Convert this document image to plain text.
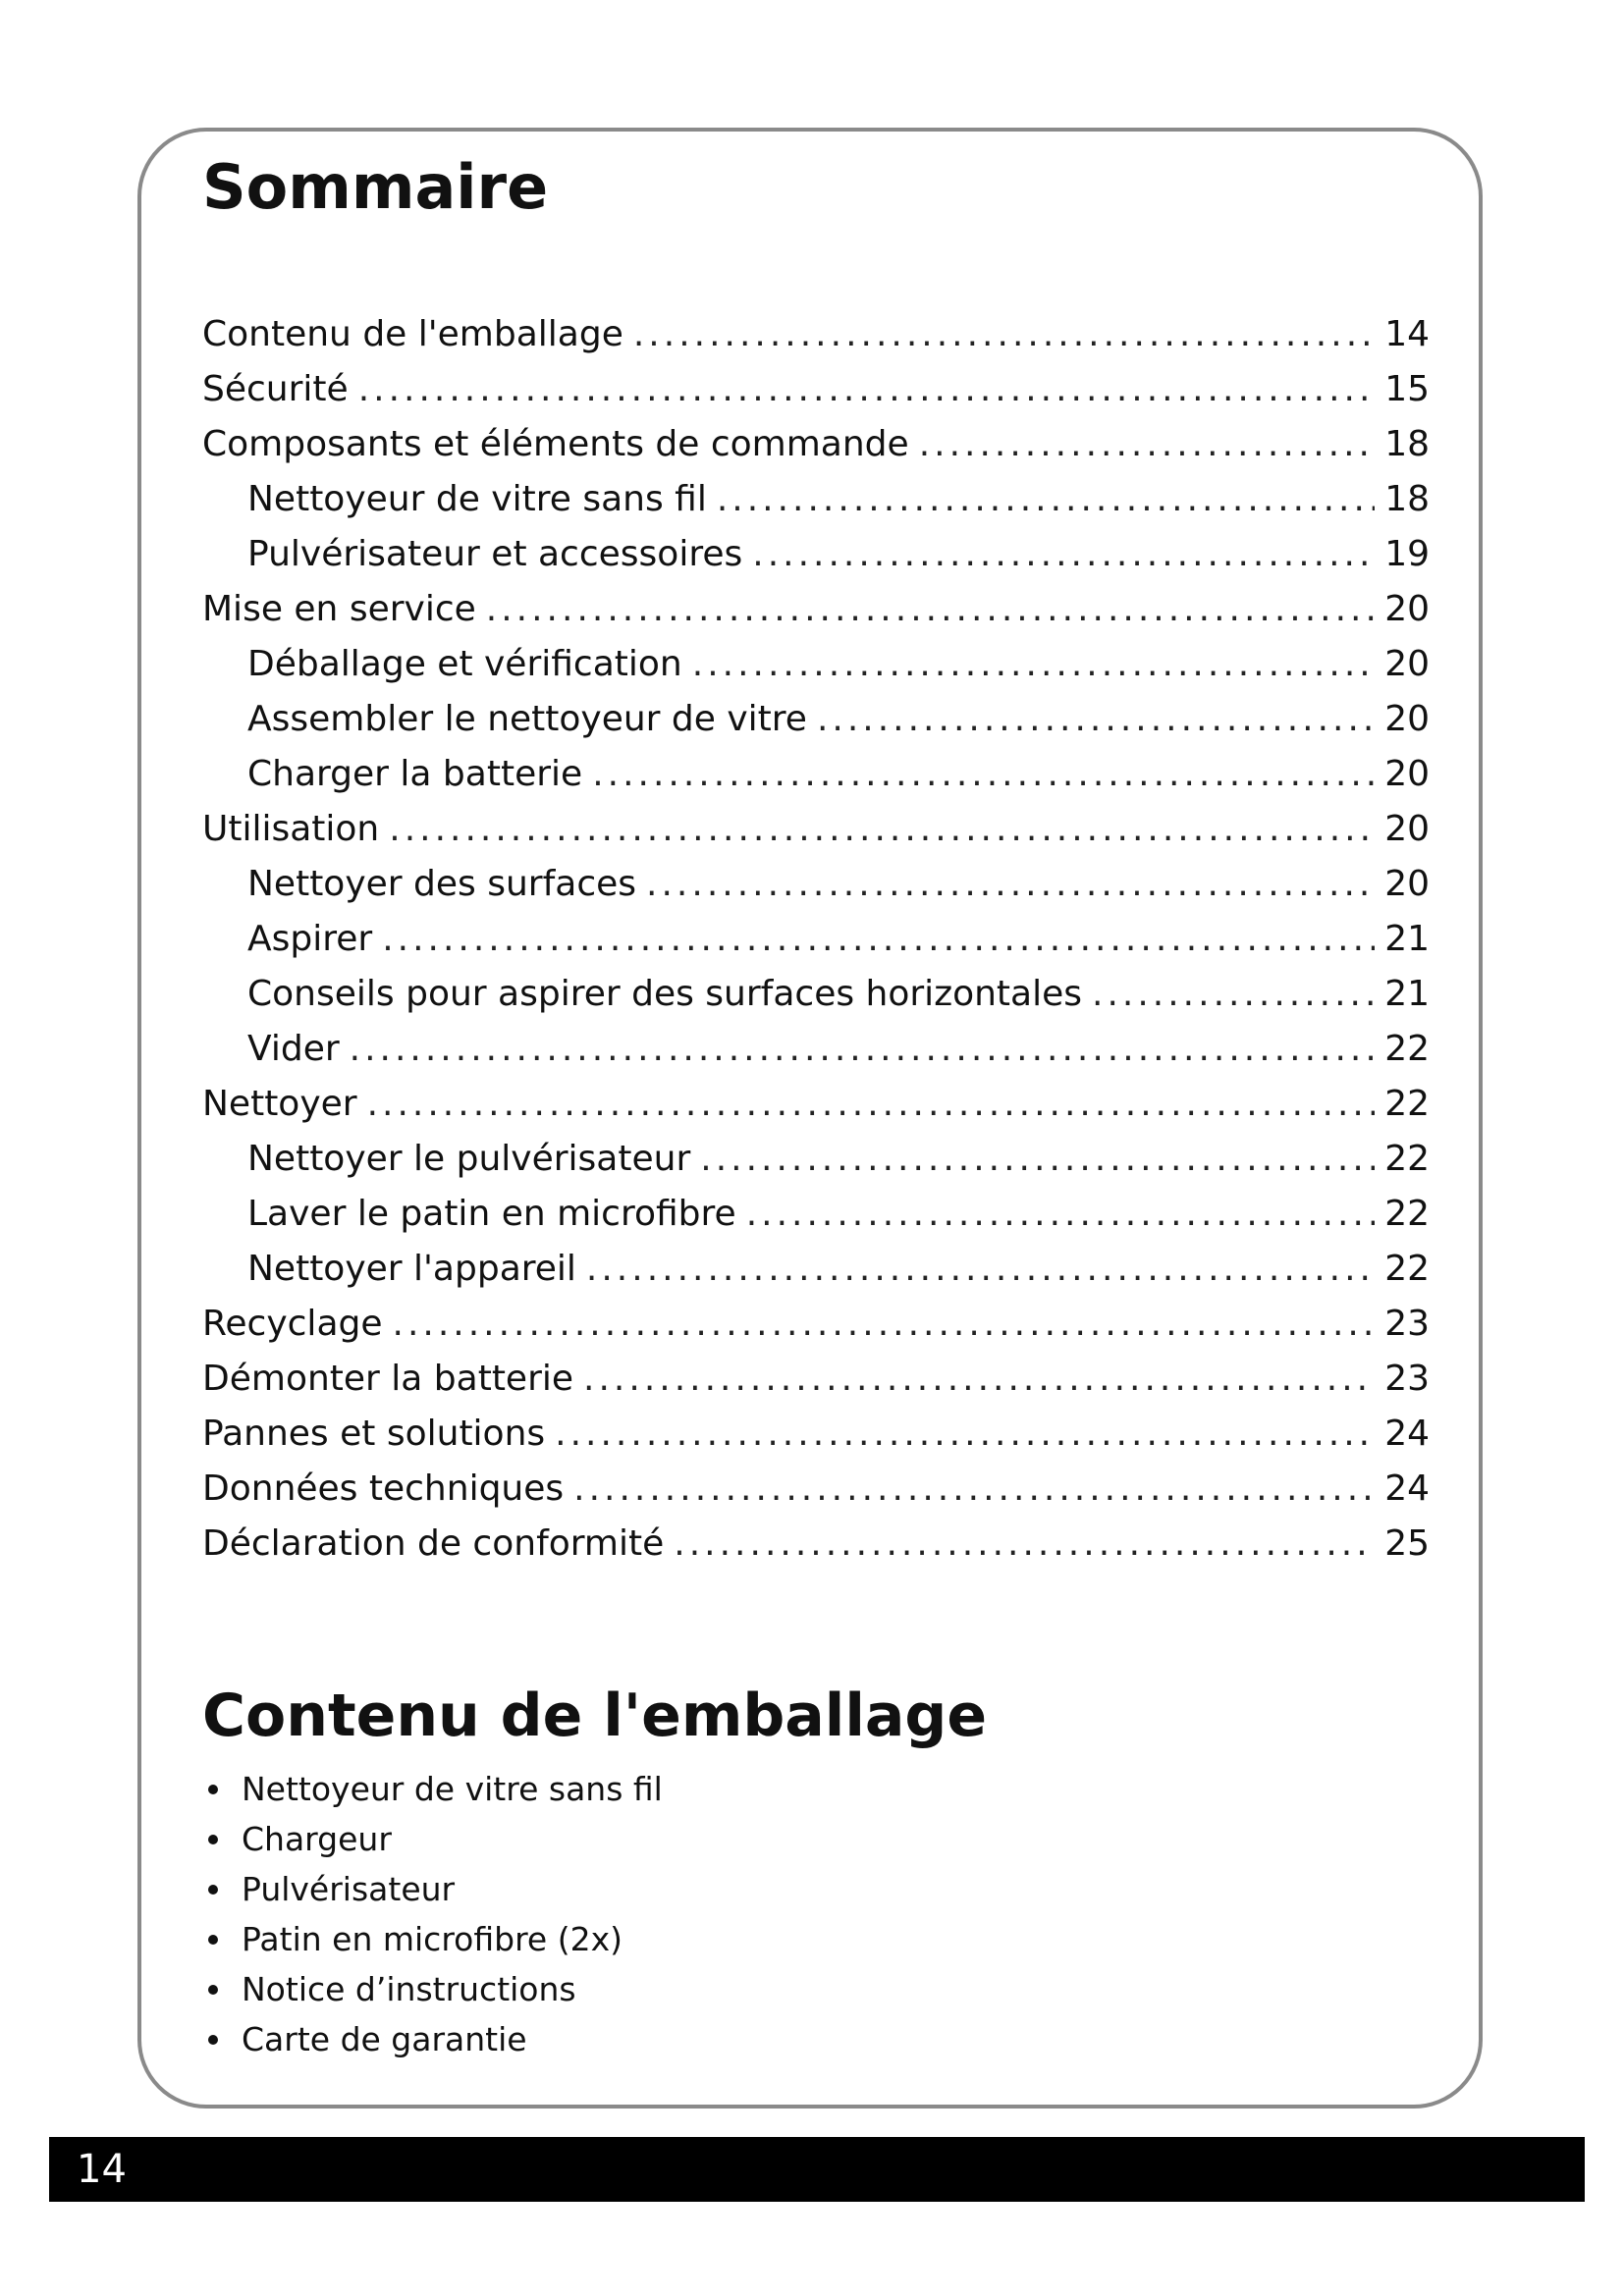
Sommaire
Contenu de l'emballage .....	14
Sécurité .....	15
Composants et éléments de commande .....	18
Nettoyeur de vitre sans fil .....	18
Pulvérisateur et accessoires .....	19
Mise en service .....	20
Déballage et vérification .....	20
Assembler le nettoyeur de vitre .....	20
Charger la batterie .....	20
Utilisation .....	20
Nettoyer des surfaces .....	20
Aspirer .....	21
Conseils pour aspirer des surfaces horizontales .....	21
Vider .....	22
Nettoyer .....	22
Nettoyer le pulvérisateur .....	22
Laver le patin en microfibre .....	22
Nettoyer l'appareil .....	22
Recyclage .....	23
Démonter la batterie .....	23
Pannes et solutions .....	24
Données techniques .....	24
Déclaration de conformité .....	25
Contenu de l'emballage
Nettoyeur de vitre sans fil
Chargeur
Pulvérisateur
Patin en microfibre (2x)
Notice d’instructions
Carte de garantie
14
